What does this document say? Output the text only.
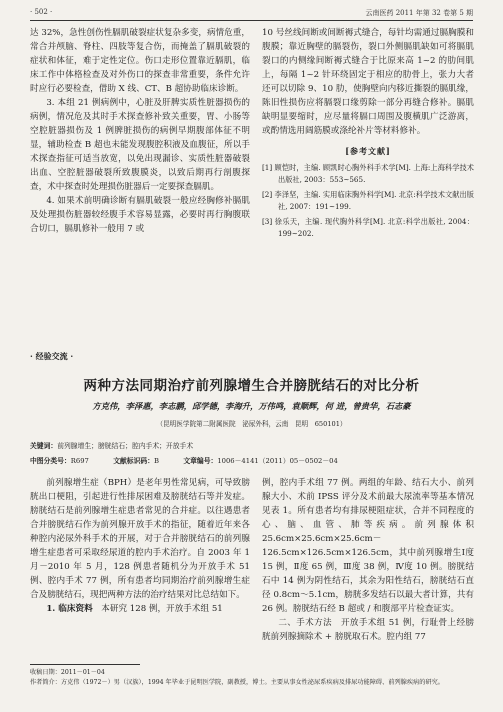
· 502 ·	云南医药 2011 年第 32 卷第 5 期

达 32%，急性创伤性膈肌破裂症状复杂多变，病情危重，常合并颅脑、脊柱、四肢等复合伤，而掩盖了膈肌破裂的症状和体征，难于定性定位。伤口走形位置靠近膈肌，临床工作中体格检查及对外伤口的探查非常重要，条件允许时应行必要检查，借助 X 线、CT、B 超协助临床诊断。

3. 本组 21 例病例中，心脏及肝脾实质性脏器损伤的病例，情况危及其时手术探查修补致关重要，胃、小肠等空腔脏器损伤及 1 例脾脏损伤的病例早期腹部体征不明显，辅助检查 B 超也未能发现腹腔积液及血腹征，所以手术探查指征可适当放宽，以免出现漏诊、实质性脏器破裂出血、空腔脏器破裂所致腹膜炎，以致后期再行剖腹探查，术中探查时处理损伤脏器后一定要探查膈肌。

4. 如果术前明确诊断有膈肌破裂一般应经胸修补膈肌及处理损伤脏器较经腹手术容易显露，必要时再行胸腹联合切口，膈肌修补一般用 7 或

10 号丝线间断或间断褥式缝合，每针均需通过膈胸膜和腹膜；靠近胸壁的膈裂伤，裂口外侧膈肌缺如可将膈肌裂口的内侧缘间断褥式缝合于比原来高 1~2 的肋间肌上，每隔 1~2 针环绕固定于相应的肋骨上，张力大者还可以切除 9、10 肋，使胸壁向内移近撕裂的膈肌缘，陈旧性损伤应将膈裂口缘剪除一部分再缝合修补。膈肌缺明显要缩时，应尽量将膈口周围及腹横肌广泛游离，或酌情选用阔筋膜或涤纶补片等材料修补。

[参考文献]
[1] 顾恺时，主编. 顾凯时心胸外科手术学[M]. 上海:上海科学技术出版社, 2003：553~565.
[2] 李泽坚，主编. 实用临床胸外科学[M]. 北京:科学技术文献出版社, 2007：191~199.
[3] 徐乐天，主编. 现代胸外科学[M]. 北京:科学出版社, 2004：199~202.
· 经验交流 ·
两种方法同期治疗前列腺增生合并膀胱结石的对比分析
方克伟，李泽惠，李志鹏，邱学德，李海升，万伟鸣，袁顺辉，何 进，曾贵华，石志豪
（昆明医学院第二附属医院　泌尿外科，云南　昆明　650101）
关键词：前列腺增生；膀胱结石；腔内手术；开放手术
中图分类号：R697	文献标识码：B	文章编号：1006－4141（2011）05－0502－04

前列腺增生症（BPH）是老年男性常见病，可导致膀胱出口梗阻，引起进行性排尿困难及膀胱结石等并发症。膀胱结石是前列腺增生症患者常见的合并症。以往遇患者合并膀胱结石作为前列腺开放手术的指征，随着近年来各种腔内泌尿外科手术的开展，对于合并膀胱结石的前列腺增生症患者可采取经尿道的腔内手术治疗。自 2003 年 1 月－2010 年 5 月，128 例患者随机分为开放手术 51 例、腔内手术 77 例，所有患者均同期治疗前列腺增生症合及膀胱结石，现把两种方法的治疗结果对比总结如下。

1. 临床资料　 本研究 128 例，开放手术组 51

例，腔内手术组 77 例。两组的年龄、结石大小、前列腺大小、术前 IPSS 评分及术前最大尿流率等基本情况见表 1。所有患者均有排尿梗阻症状，合并不同程度的心、脑、血管、肺等疾病。前列腺体积 25.6cm×25.6cm×25.6cm－126.5cm×126.5cm×126.5cm，其中前列腺增生Ⅰ度 15 例，Ⅱ度 65 例，Ⅲ度 38 例，Ⅳ度 10 例。膀胱结石中 14 例为阴性结石，其余为阳性结石，膀胱结石直径 0.8cm～5.1cm，膀胱多发结石以最大者计算，共有 26 例。膀胱结石经 B 超或 / 和腹部平片检查证实。

二、手术方法　开放手术组 51 例，行耻骨上经膀胱前列腺摘除术 + 膀胱取石术。腔内组 77

收稿日期：2011－01－04
作者简介：方克伟（1972－）男（汉族），1994 年毕业于昆明医学院，副教授，博士。主要从事女性泌尿系疾病及排尿功能障碍、前列腺疾病的研究。
